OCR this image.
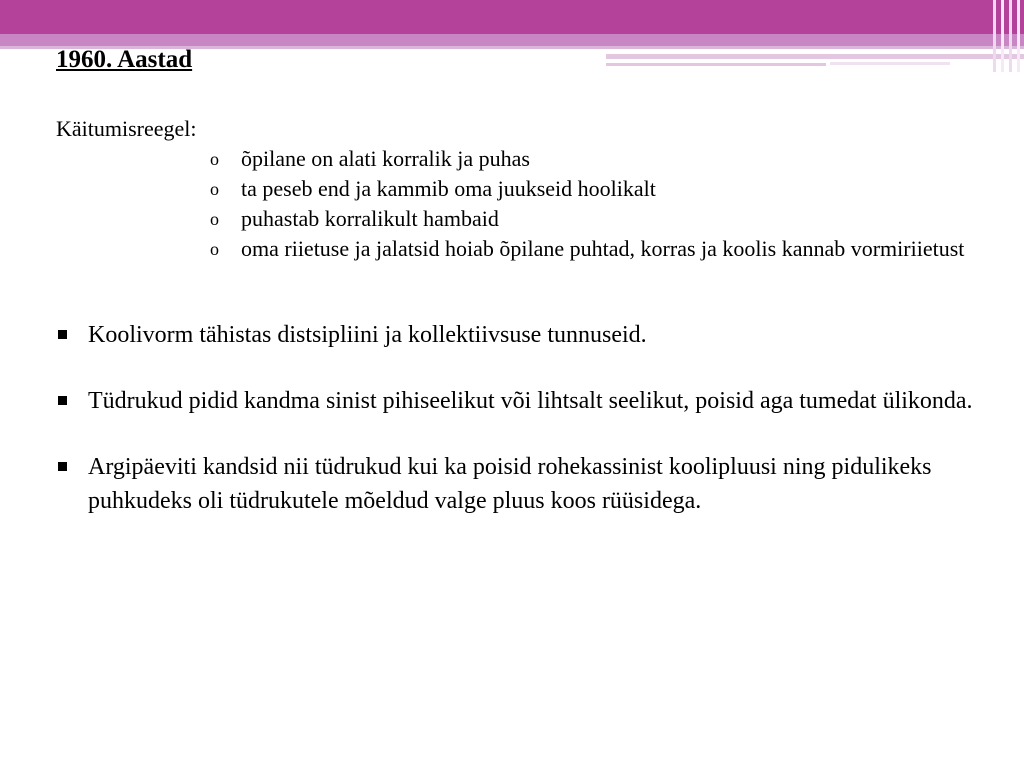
1960. Aastad
Käitumisreegel:
o õpilane on alati korralik ja puhas
o ta peseb end ja kammib oma juukseid hoolikalt
o puhastab korralikult hambaid
o oma riietuse ja jalatsid hoiab õpilane puhtad, korras ja koolis kannab vormiriietust
Koolivorm tähistas distsipliini ja kollektiivsuse tunnuseid.
Tüdrukud pidid kandma sinist pihiseelikut või lihtsalt seelikut, poisid aga tumedat ülikonda.
Argipäeviti kandsid nii tüdrukud kui ka poisid rohekassinist koolipluusi ning pidulikeks puhkudeks oli tüdrukutele mõeldud valge pluus koos rüüsidega.
